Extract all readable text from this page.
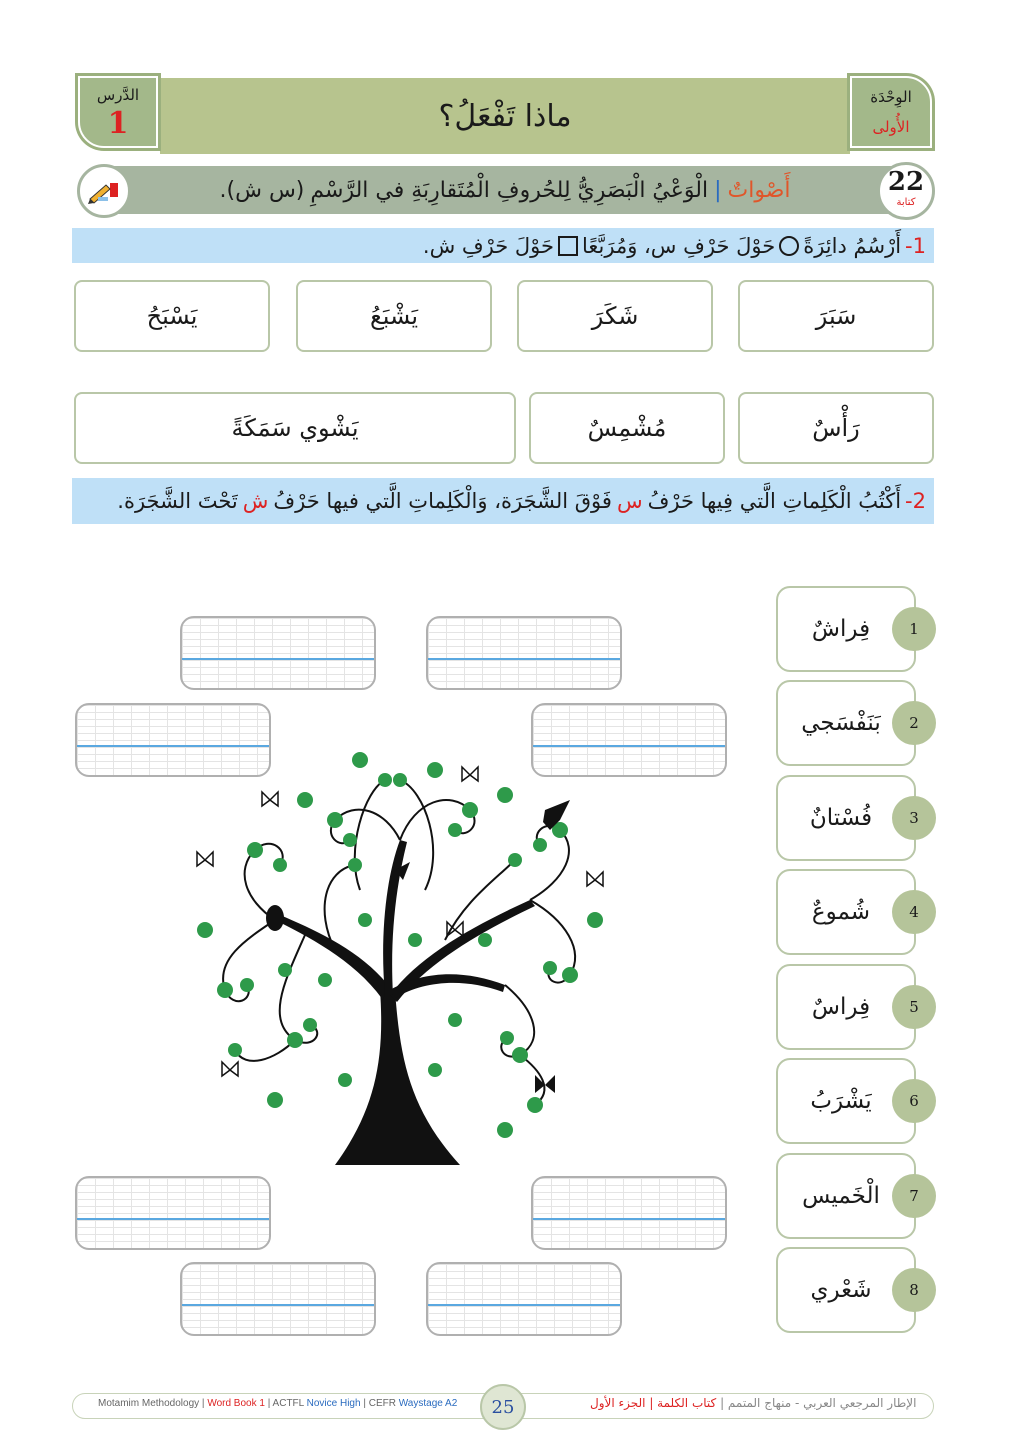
ماذا تَفْعَلُ؟
الدَّرس
1
الوِحْدَة
الأُولى
أَصْواتٌ
|
الْوَعْيُ الْبَصَرِيُّ لِلحُروفِ الْمُتَقارِبَةِ في الرَّسْمِ
(س ش).	22
كتابة
1-
أَرْسُمُ دائِرَةً
حَوْلَ حَرْفِ س، وَمُرَبَّعًا
حَوْلَ حَرْفِ ش.
سَبَرَ
شَكَرَ
يَشْبَعُ
يَسْبَحُ
رَأْسٌ
مُشْمِسٌ
يَشْوي سَمَكَةً
2-
أَكْتُبُ الْكَلِماتِ الَّتي فِيها حَرْفُ
س
فَوْقَ الشَّجَرَة، وَالْكَلِماتِ الَّتي فيها حَرْفُ
ش
تَحْتَ الشَّجَرَة.
فِراشٌ	1
بَنَفْسَجي	2
فُسْتانٌ	3
شُموعٌ	4
فِراسٌ	5
يَشْرَبُ	6
الْخَميس	7
شَعْري	8
Motamim Methodology | Word Book 1 | ACTFL Novice High | CEFR Waystage A2	25	الإطار المرجعي العربي - منهاج المتمم | كتاب الكلمة | الجزء الأول
